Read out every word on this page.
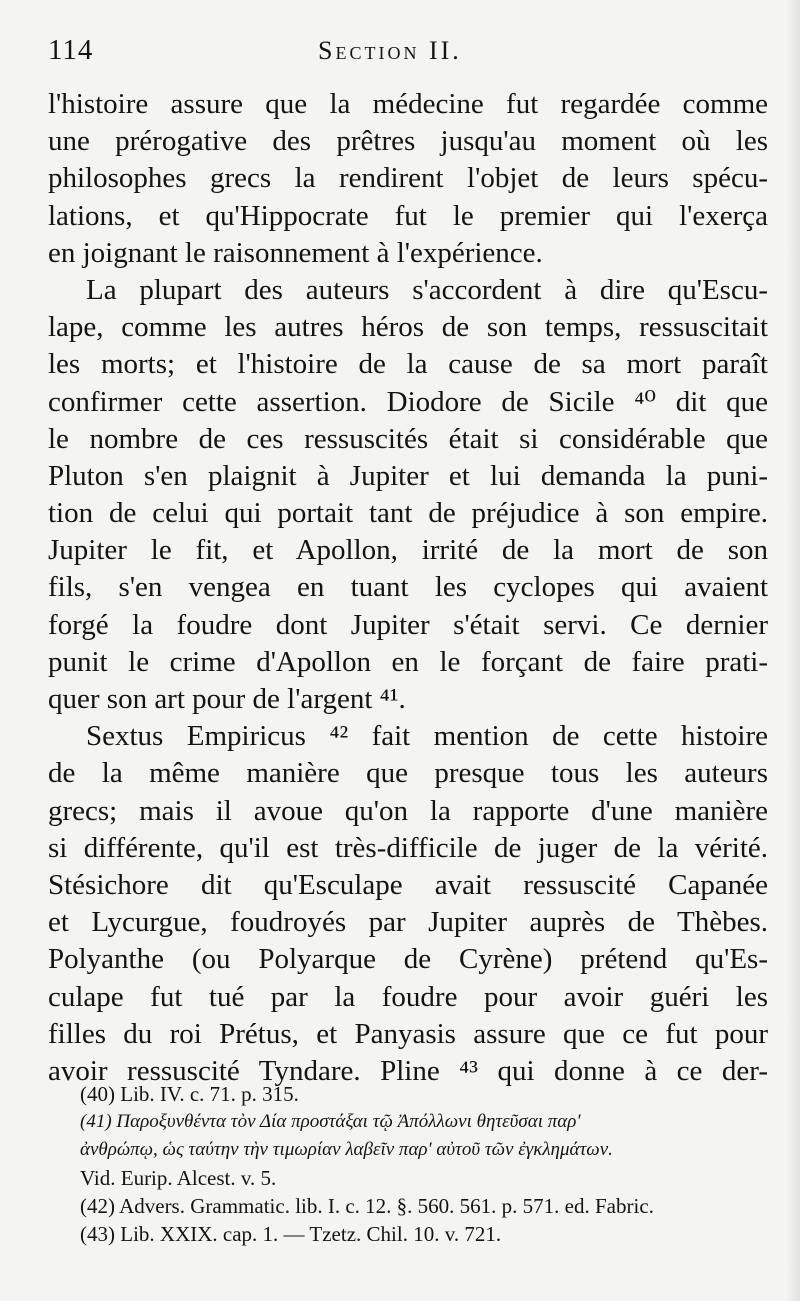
114	Section II.
l'histoire assure que la médecine fut regardée comme
une prérogative des prêtres jusqu'au moment où les
philosophes grecs la rendirent l'objet de leurs spécu-
lations, et qu'Hippocrate fut le premier qui l'exerça
en joignant le raisonnement à l'expérience.
La plupart des auteurs s'accordent à dire qu'Escu-
lape, comme les autres héros de son temps, ressuscitait
les morts; et l'histoire de la cause de sa mort paraît
confirmer cette assertion. Diodore de Sicile ⁴⁰ dit que
le nombre de ces ressuscités était si considérable que
Pluton s'en plaignit à Jupiter et lui demanda la puni-
tion de celui qui portait tant de préjudice à son empire.
Jupiter le fit, et Apollon, irrité de la mort de son
fils, s'en vengea en tuant les cyclopes qui avaient
forgé la foudre dont Jupiter s'était servi. Ce dernier
punit le crime d'Apollon en le forçant de faire prati-
quer son art pour de l'argent ⁴¹.
Sextus Empiricus ⁴² fait mention de cette histoire
de la même manière que presque tous les auteurs
grecs; mais il avoue qu'on la rapporte d'une manière
si différente, qu'il est très-difficile de juger de la vérité.
Stésichore dit qu'Esculape avait ressuscité Capanée
et Lycurgue, foudroyés par Jupiter auprès de Thèbes.
Polyanthe (ou Polyarque de Cyrène) prétend qu'Es-
culape fut tué par la foudre pour avoir guéri les
filles du roi Prétus, et Panyasis assure que ce fut pour
avoir ressuscité Tyndare. Pline ⁴³ qui donne à ce der-
(40) Lib. IV. c. 71. p. 315.
(41) Παροξυνθέντα τὸν Δία προστάξαι τῷ Ἀπόλλωνι θητεῦσαι παρ'
ἀνθρώπῳ, ὡς ταύτην τὴν τιμωρίαν λαβεῖν παρ' αὐτοῦ τῶν ἐγκλημάτων.
Vid. Eurip. Alcest. v. 5.
(42) Advers. Grammatic. lib. I. c. 12. §. 560. 561. p. 571. ed. Fabric.
(43) Lib. XXIX. cap. 1. — Tzetz. Chil. 10. v. 721.
